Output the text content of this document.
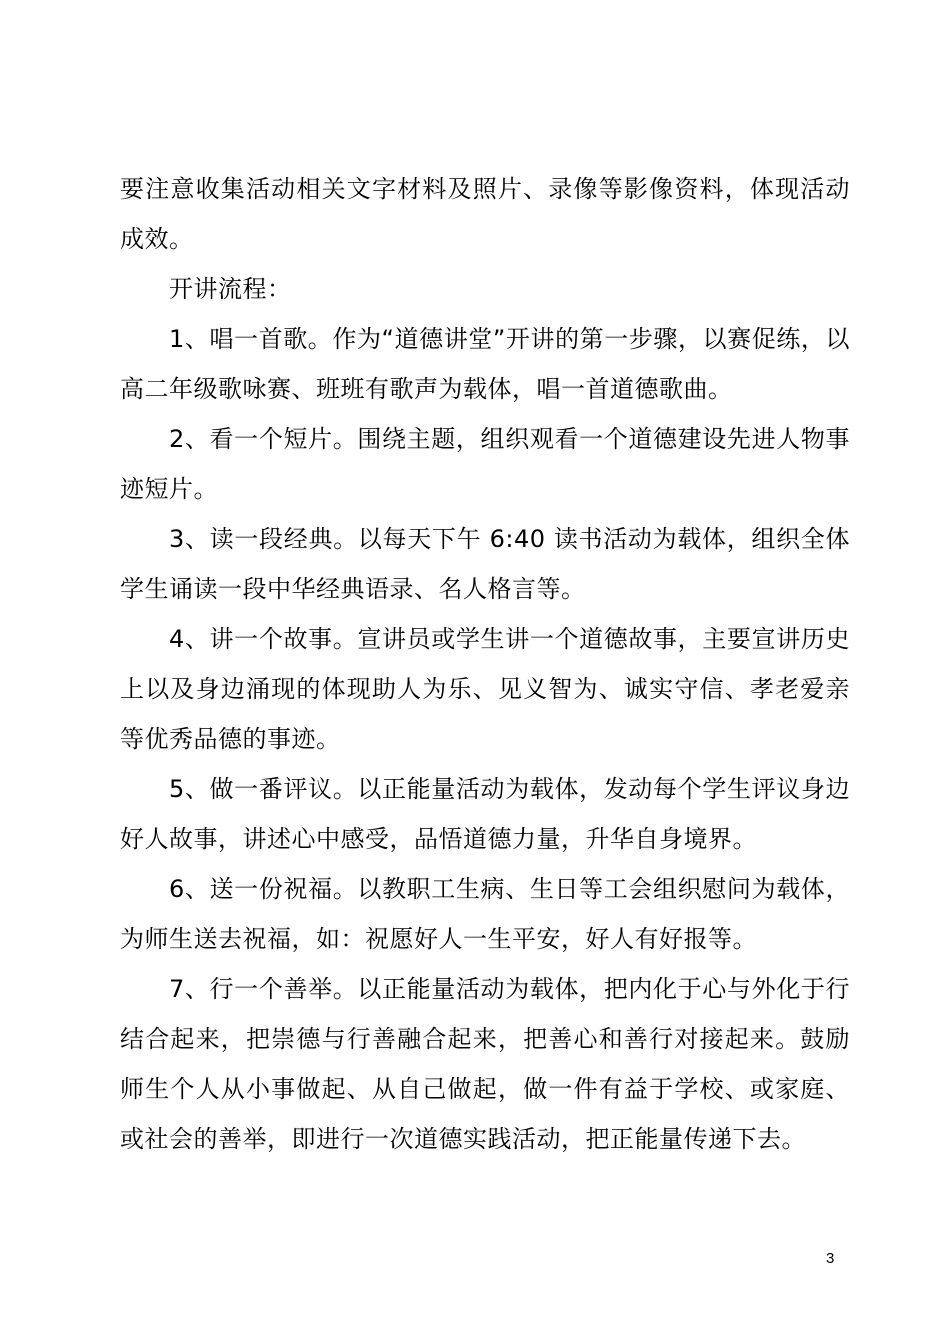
要注意收集活动相关文字材料及照片、录像等影像资料，体现活动成效。

开讲流程：

1、唱一首歌。作为“道德讲堂”开讲的第一步骤，以赛促练，以高二年级歌咏赛、班班有歌声为载体，唱一首道德歌曲。

2、看一个短片。围绕主题，组织观看一个道德建设先进人物事迹短片。

3、读一段经典。以每天下午 6:40 读书活动为载体，组织全体学生诵读一段中华经典语录、名人格言等。

4、讲一个故事。宣讲员或学生讲一个道德故事，主要宣讲历史上以及身边涌现的体现助人为乐、见义智为、诚实守信、孝老爱亲等优秀品德的事迹。

5、做一番评议。以正能量活动为载体，发动每个学生评议身边好人故事，讲述心中感受，品悟道德力量，升华自身境界。

6、送一份祝福。以教职工生病、生日等工会组织慰问为载体，为师生送去祝福，如：祝愿好人一生平安，好人有好报等。

7、行一个善举。以正能量活动为载体，把内化于心与外化于行结合起来，把崇德与行善融合起来，把善心和善行对接起来。鼓励师生个人从小事做起、从自己做起，做一件有益于学校、或家庭、或社会的善举，即进行一次道德实践活动，把正能量传递下去。

3
